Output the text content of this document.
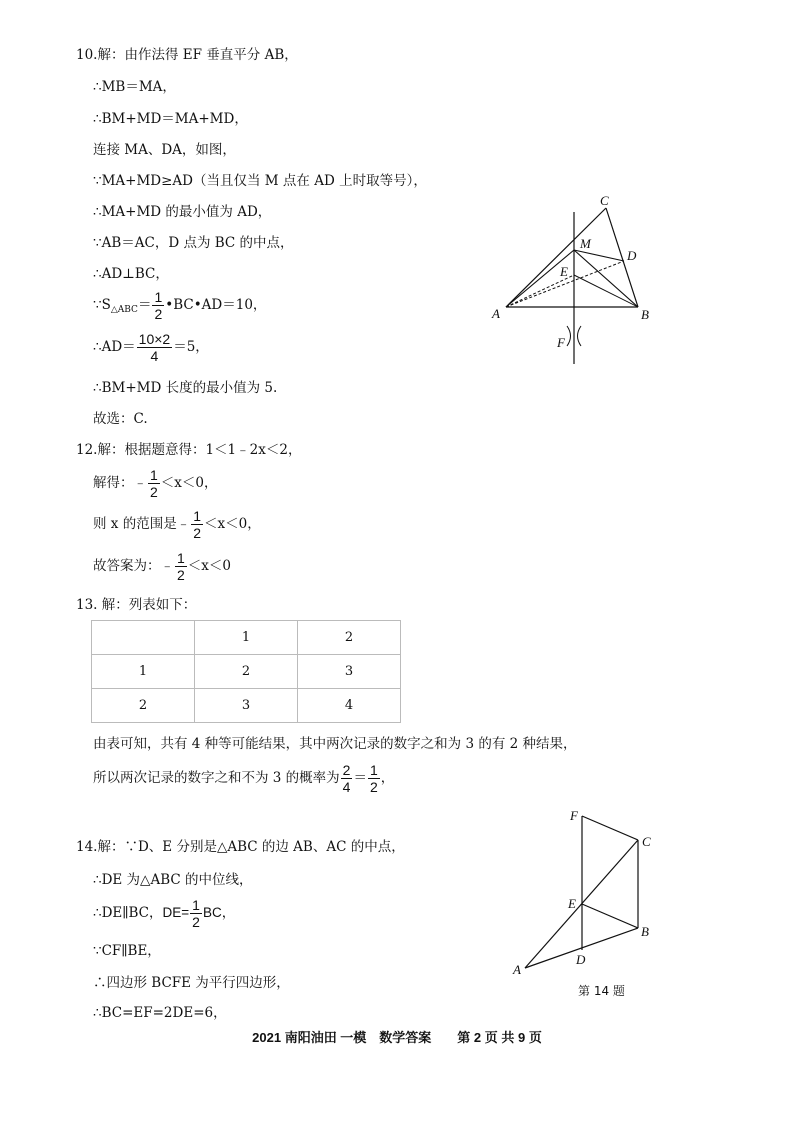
10.解：由作法得 EF 垂直平分 AB，
∴MB＝MA，
∴BM+MD＝MA+MD，
连接 MA、DA，如图，
∵MA+MD≥AD（当且仅当 M 点在 AD 上时取等号），
∴MA+MD 的最小值为 AD，
∵AB＝AC，D 点为 BC 的中点，
∴AD⊥BC，
$\because S_{\triangle ABC}= \frac{1}{2}$ •BC•AD＝10，
∴AD＝ $\frac{10\times 2}{4} =5$，
∴BM+MD 长度的最小值为 5.
故选：C.
C
M
D
E
A	B
F
12.解：根据题意得：1＜1﹣2x＜2，
解得：﹣ $\frac{1}{2} <x<0$，
则 x 的范围是﹣ $\frac{1}{2} <x<0$，
故答案为：﹣ $\frac{1}{2} <x<0$
13. 解：列表如下：
	1	2
1	2	3
2	3	4
由表可知，共有 4 种等可能结果，其中两次记录的数字之和为 3 的有 2 种结果，
所以两次记录的数字之和不为 3 的概率为 $\frac{2}{4} = \frac{1}{2}$ ，
14.解：∵D、E 分别是△ABC 的边 AB、AC 的中点，
∴DE 为△ABC 的中位线，
∴DE∥BC，$DE= \frac{1}{2}$ BC，
∵CF∥BE，
∴四边形 BCFE 为平行四边形，
∴BC=EF=2DE=6，
F
C
E
B
D
A
第 14 题
2021 南阳油田 一模　数学答案　　第 2 页 共 9 页
